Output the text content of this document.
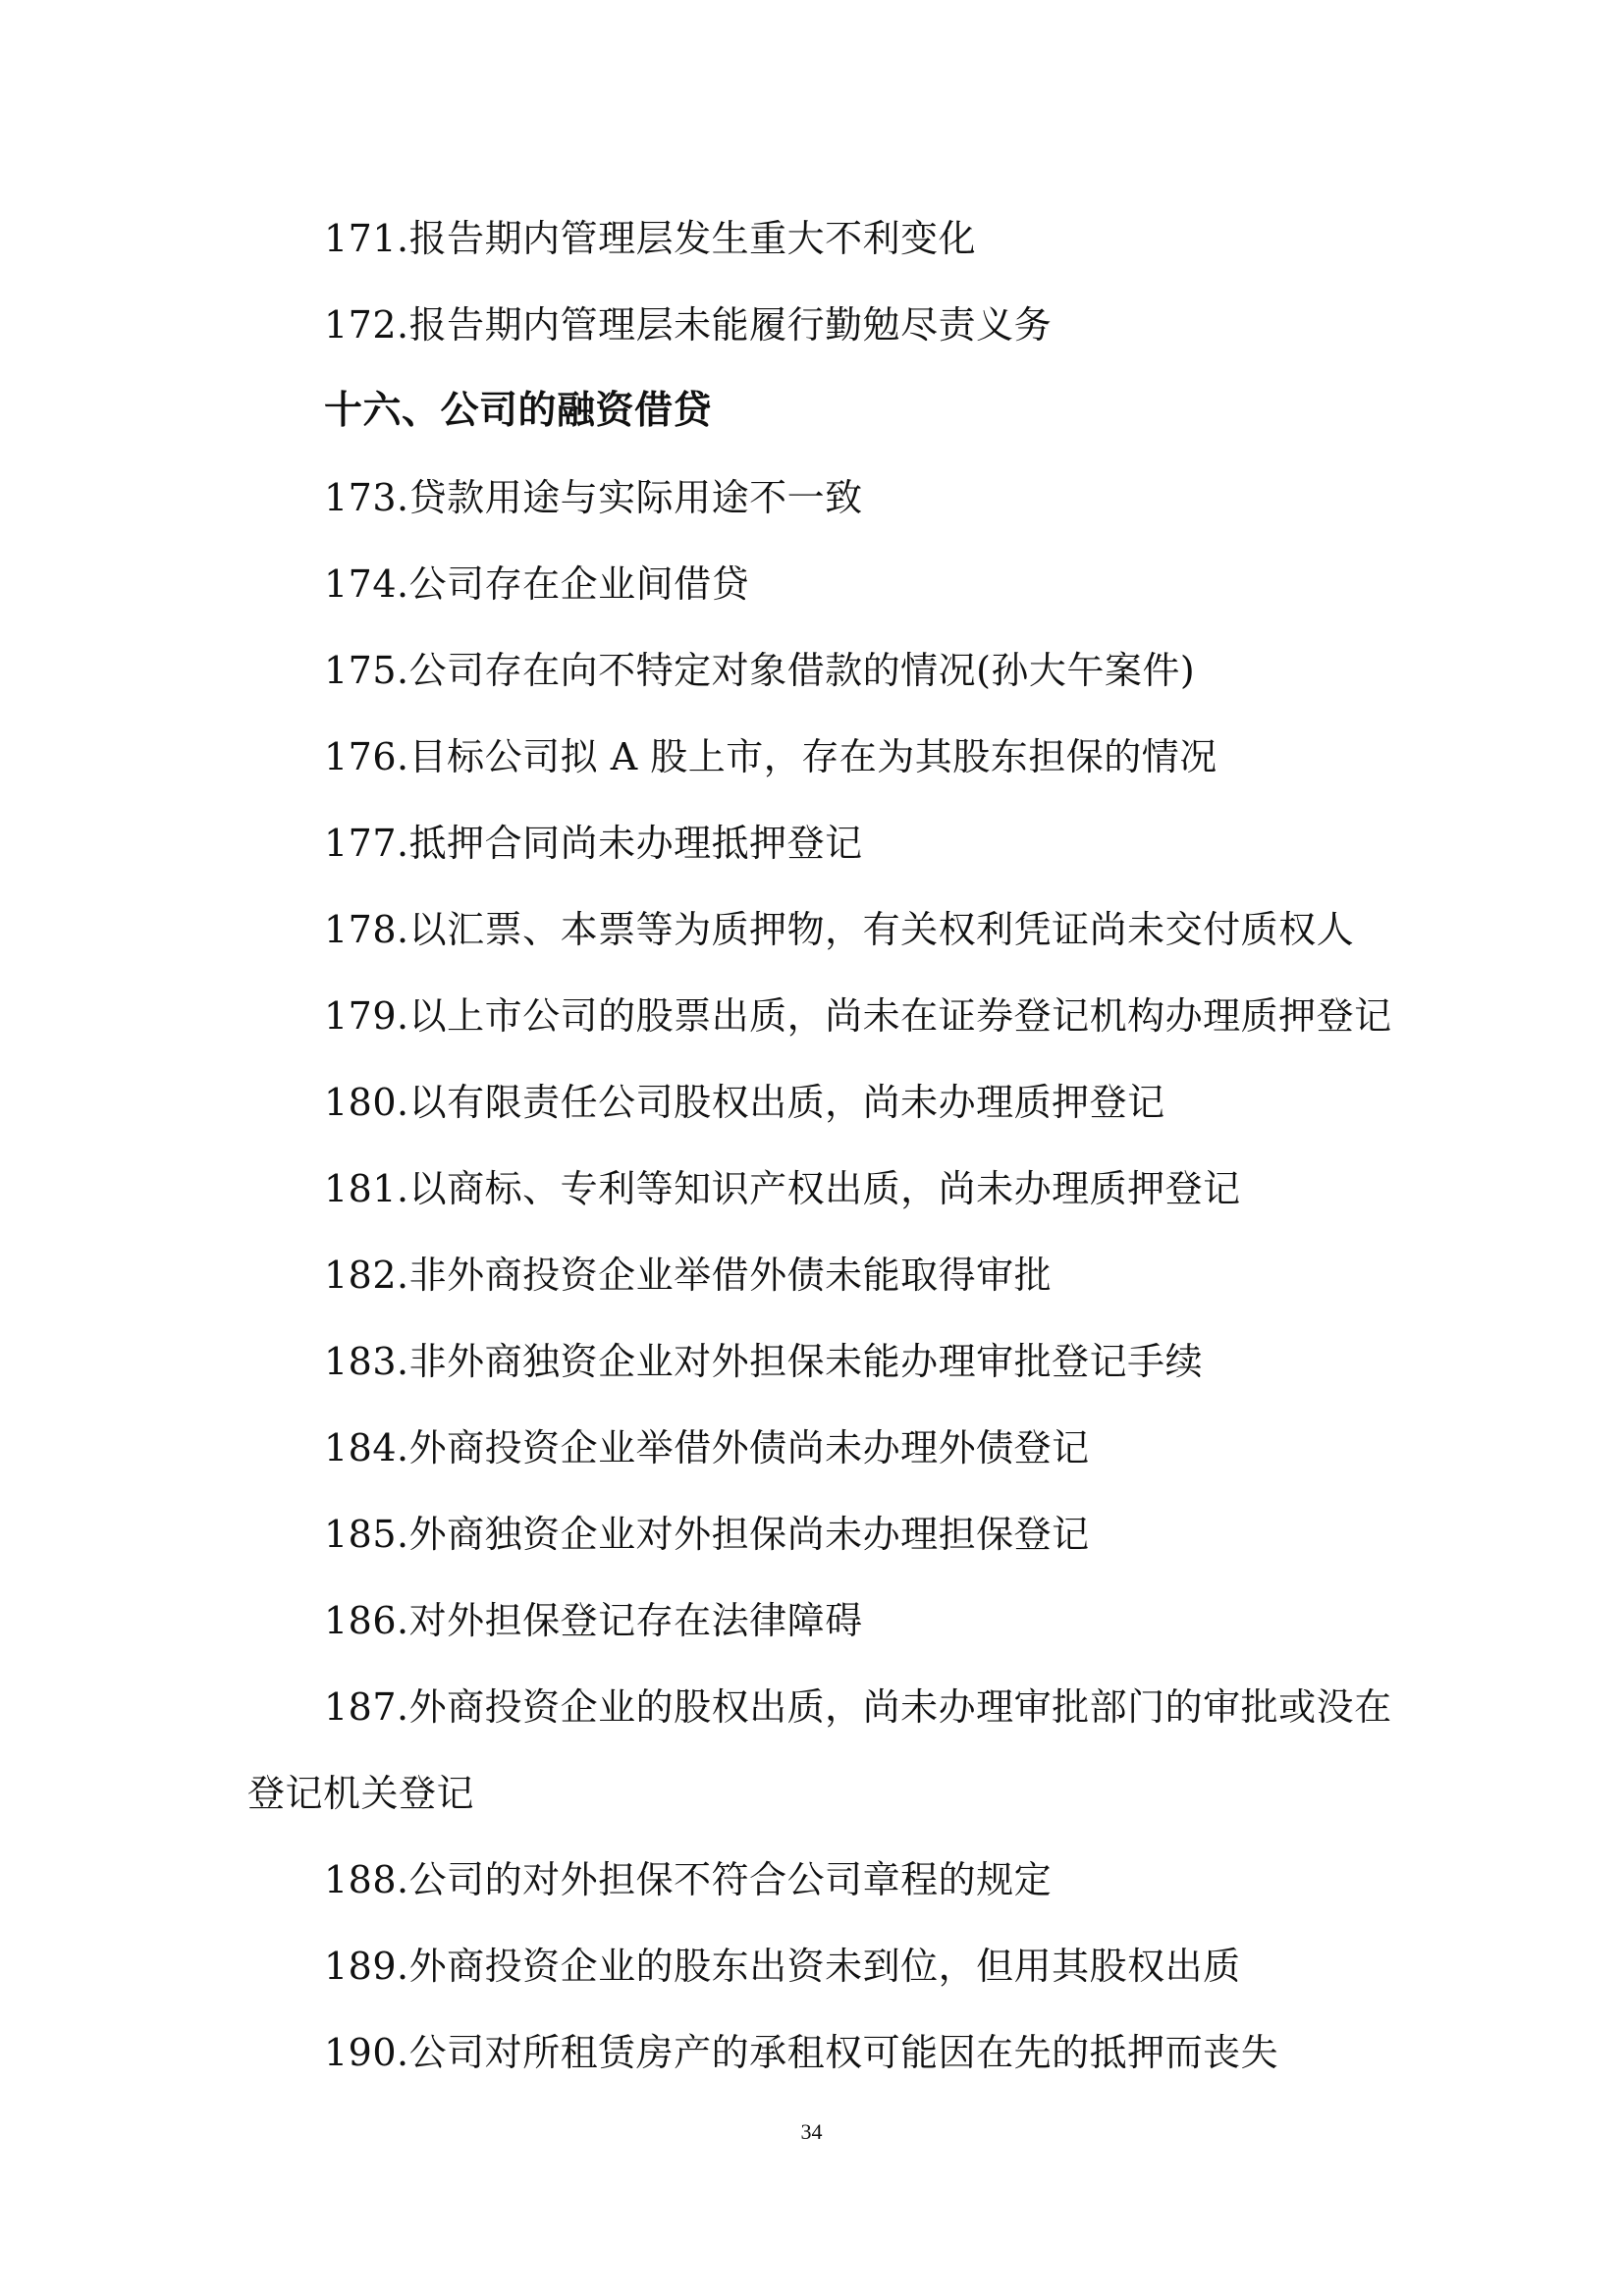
171.报告期内管理层发生重大不利变化
172.报告期内管理层未能履行勤勉尽责义务
十六、公司的融资借贷
173.贷款用途与实际用途不一致
174.公司存在企业间借贷
175.公司存在向不特定对象借款的情况(孙大午案件)
176.目标公司拟 A 股上市，存在为其股东担保的情况
177.抵押合同尚未办理抵押登记
178.以汇票、本票等为质押物，有关权利凭证尚未交付质权人
179.以上市公司的股票出质，尚未在证券登记机构办理质押登记
180.以有限责任公司股权出质，尚未办理质押登记
181.以商标、专利等知识产权出质，尚未办理质押登记
182.非外商投资企业举借外债未能取得审批
183.非外商独资企业对外担保未能办理审批登记手续
184.外商投资企业举借外债尚未办理外债登记
185.外商独资企业对外担保尚未办理担保登记
186.对外担保登记存在法律障碍
187.外商投资企业的股权出质，尚未办理审批部门的审批或没在
登记机关登记
188.公司的对外担保不符合公司章程的规定
189.外商投资企业的股东出资未到位，但用其股权出质
190.公司对所租赁房产的承租权可能因在先的抵押而丧失
34
